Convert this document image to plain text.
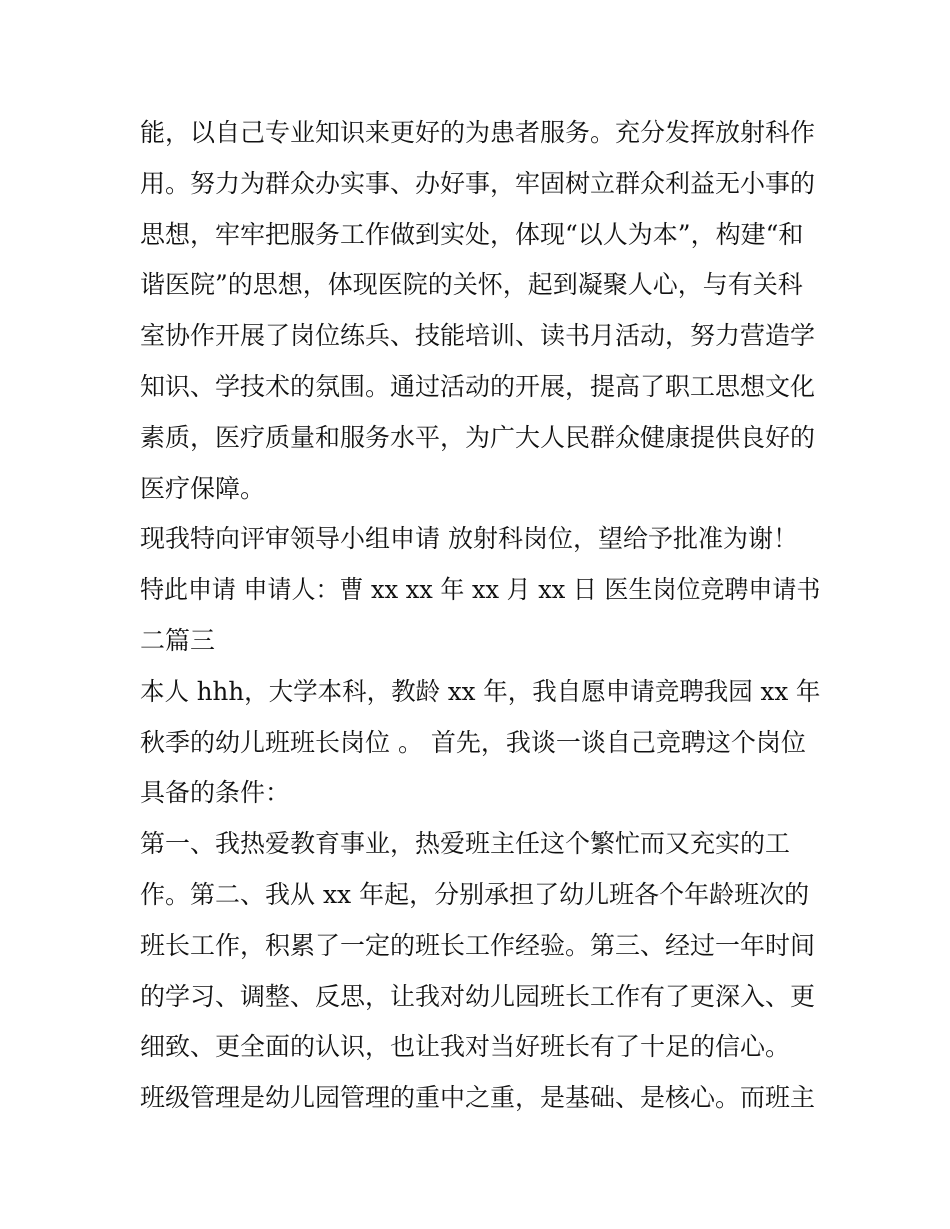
能，以自己专业知识来更好的为患者服务。充分发挥放射科作
用。努力为群众办实事、办好事，牢固树立群众利益无小事的
思想，牢牢把服务工作做到实处，体现“以人为本”，构建“和
谐医院”的思想，体现医院的关怀，起到凝聚人心，与有关科
室协作开展了岗位练兵、技能培训、读书月活动，努力营造学
知识、学技术的氛围。通过活动的开展，提高了职工思想文化
素质，医疗质量和服务水平，为广大人民群众健康提供良好的
医疗保障。
现我特向评审领导小组申请 放射科岗位，望给予批准为谢！
特此申请 申请人：曹 xx xx 年 xx 月 xx 日 医生岗位竞聘申请书
二篇三
本人 hhh，大学本科，教龄 xx 年，我自愿申请竞聘我园 xx 年
秋季的幼儿班班长岗位 。 首先，我谈一谈自己竞聘这个岗位
具备的条件：
第一、我热爱教育事业，热爱班主任这个繁忙而又充实的工
作。第二、我从 xx 年起，分别承担了幼儿班各个年龄班次的
班长工作，积累了一定的班长工作经验。第三、经过一年时间
的学习、调整、反思，让我对幼儿园班长工作有了更深入、更
细致、更全面的认识，也让我对当好班长有了十足的信心。
班级管理是幼儿园管理的重中之重，是基础、是核心。而班主
